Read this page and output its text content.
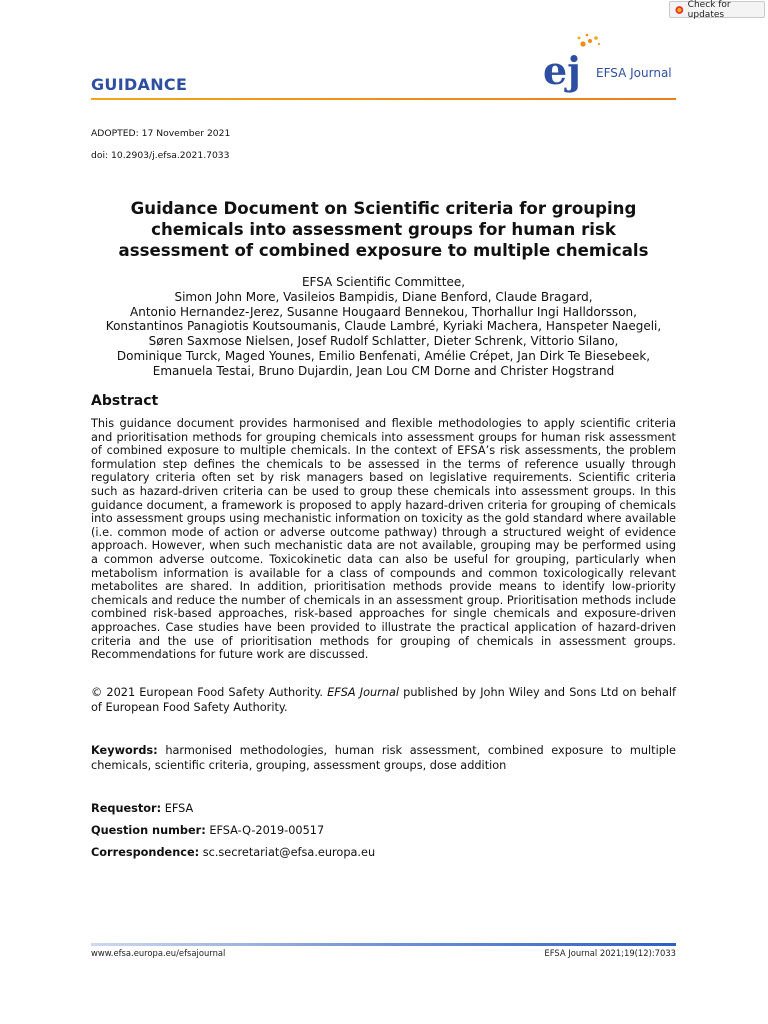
Check for updates
GUIDANCE	ej EFSA Journal
ADOPTED: 17 November 2021
doi: 10.2903/j.efsa.2021.7033
Guidance Document on Scientific criteria for grouping
chemicals into assessment groups for human risk
assessment of combined exposure to multiple chemicals
EFSA Scientific Committee,
Simon John More, Vasileios Bampidis, Diane Benford, Claude Bragard,
Antonio Hernandez-Jerez, Susanne Hougaard Bennekou, Thorhallur Ingi Halldorsson,
Konstantinos Panagiotis Koutsoumanis, Claude Lambré, Kyriaki Machera, Hanspeter Naegeli,
Søren Saxmose Nielsen, Josef Rudolf Schlatter, Dieter Schrenk, Vittorio Silano,
Dominique Turck, Maged Younes, Emilio Benfenati, Amélie Crépet, Jan Dirk Te Biesebeek,
Emanuela Testai, Bruno Dujardin, Jean Lou CM Dorne and Christer Hogstrand
Abstract
This guidance document provides harmonised and flexible methodologies to apply scientific criteria and prioritisation methods for grouping chemicals into assessment groups for human risk assessment of combined exposure to multiple chemicals. In the context of EFSA’s risk assessments, the problem formulation step defines the chemicals to be assessed in the terms of reference usually through regulatory criteria often set by risk managers based on legislative requirements. Scientific criteria such as hazard-driven criteria can be used to group these chemicals into assessment groups. In this guidance document, a framework is proposed to apply hazard-driven criteria for grouping of chemicals into assessment groups using mechanistic information on toxicity as the gold standard where available (i.e. common mode of action or adverse outcome pathway) through a structured weight of evidence approach. However, when such mechanistic data are not available, grouping may be performed using a common adverse outcome. Toxicokinetic data can also be useful for grouping, particularly when metabolism information is available for a class of compounds and common toxicologically relevant metabolites are shared. In addition, prioritisation methods provide means to identify low-priority chemicals and reduce the number of chemicals in an assessment group. Prioritisation methods include combined risk-based approaches, risk-based approaches for single chemicals and exposure-driven approaches. Case studies have been provided to illustrate the practical application of hazard-driven criteria and the use of prioritisation methods for grouping of chemicals in assessment groups. Recommendations for future work are discussed.
© 2021 European Food Safety Authority. EFSA Journal published by John Wiley and Sons Ltd on behalf of European Food Safety Authority.
Keywords: harmonised methodologies, human risk assessment, combined exposure to multiple chemicals, scientific criteria, grouping, assessment groups, dose addition
Requestor: EFSA
Question number: EFSA-Q-2019-00517
Correspondence: sc.secretariat@efsa.europa.eu
www.efsa.europa.eu/efsajournal	EFSA Journal 2021;19(12):7033
